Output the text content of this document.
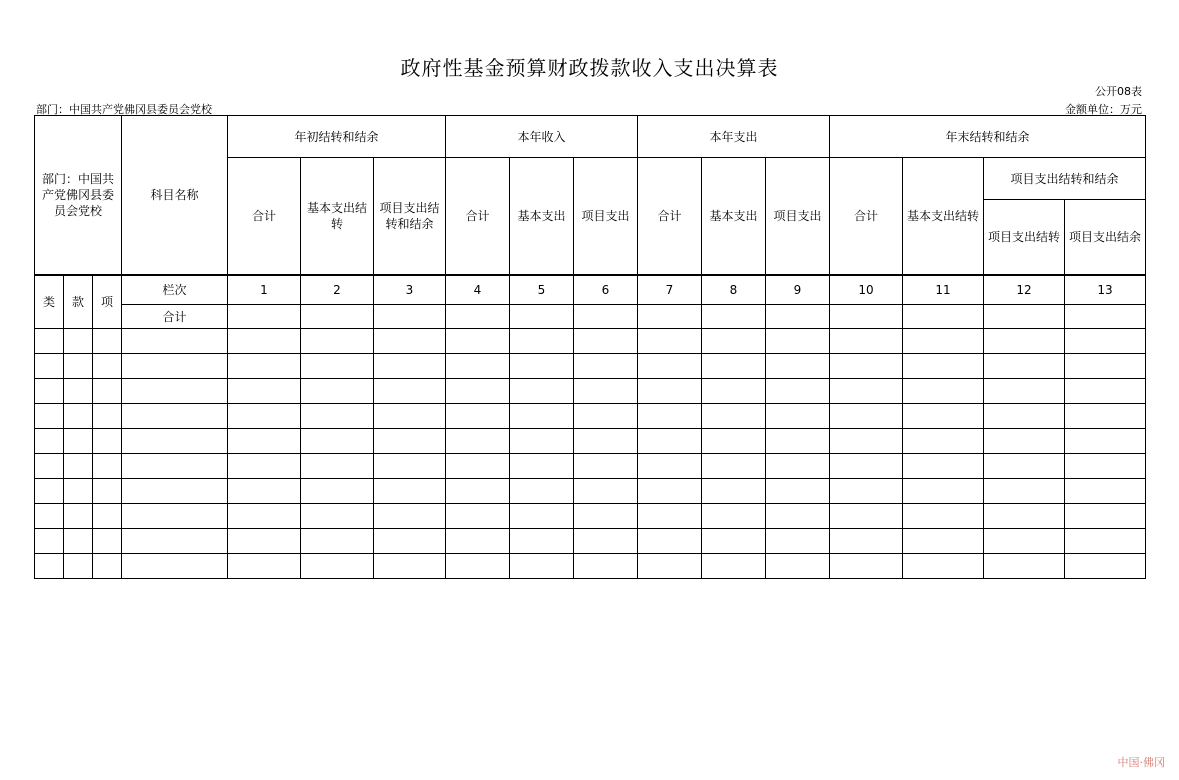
政府性基金预算财政拨款收入支出决算表
公开08表
部门：中国共产党佛冈县委员会党校	金额单位：万元
部门：中国共产党佛冈县委员会党校			科目名称	年初结转和结余			本年收入			本年支出			年末结转和结余			
				合计	基本支出结转	项目支出结转和结余	合计	基本支出	项目支出	合计	基本支出	项目支出	合计	基本支出结转	项目支出结转和结余	
															项目支出结转	项目支出结余
类	款	项	栏次	1	2	3	4	5	6	7	8	9	10	11	12	13
			合计													

中国·佛冈
